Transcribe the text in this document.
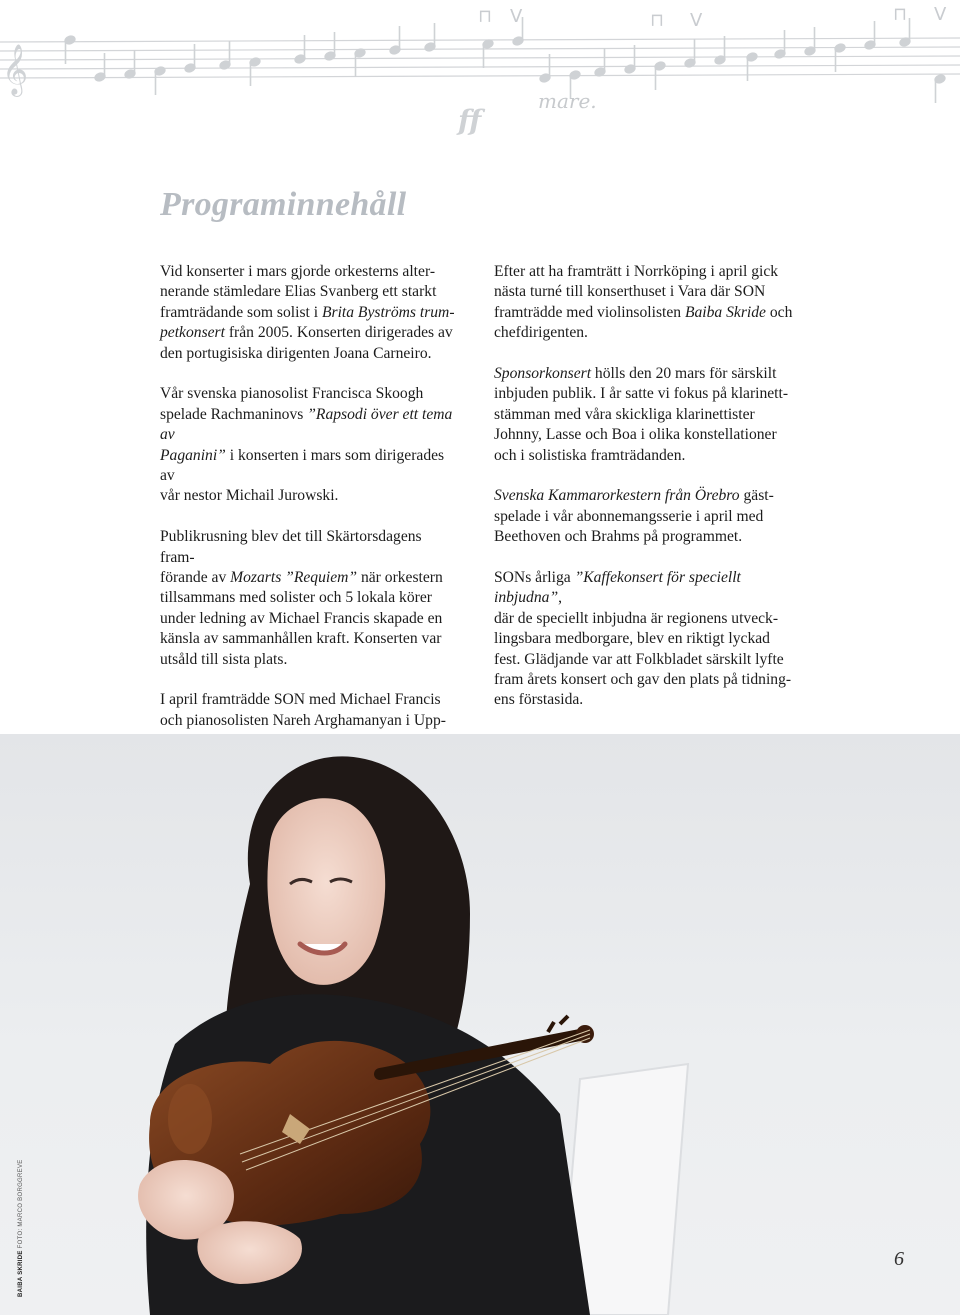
𝄞
⊓ V	⊓ V	⊓ V
ff
mare.
Programinnehåll

Vid konserter i mars gjorde orkesterns alter-
nerande stämledare Elias Svanberg ett starkt
framträdande som solist i Brita Byströms trum-
petkonsert från 2005. Konserten dirigerades av
den portugisiska dirigenten Joana Carneiro.

Vår svenska pianosolist Francisca Skoogh
spelade Rachmaninovs ”Rapsodi över ett tema av
Paganini” i konserten i mars som dirigerades av
vår nestor Michail Jurowski.

Publikrusning blev det till Skärtorsdagens fram-
förande av Mozarts ”Requiem” när orkestern
tillsammans med solister och 5 lokala körer
under ledning av Michael Francis skapade en
känsla av sammanhållen kraft. Konserten var
utsåld till sista plats.

I april framträdde SON med Michael Francis
och pianosolisten Nareh Arghamanyan i Upp-

Efter att ha framträtt i Norrköping i april gick
nästa turné till konserthuset i Vara där SON
framträdde med violinsolisten Baiba Skride och
chefdirigenten.

Sponsorkonsert hölls den 20 mars för särskilt
inbjuden publik. I år satte vi fokus på klarinett-
stämman med våra skickliga klarinettister
Johnny, Lasse och Boa i olika konstellationer
och i solistiska framträdanden.

Svenska Kammarorkestern från Örebro gäst-
spelade i vår abonnemangsserie i april med
Beethoven och Brahms på programmet.

SONs årliga ”Kaffekonsert för speciellt inbjudna”,
där de speciellt inbjudna är regionens utveck-
lingsbara medborgare, blev en riktigt lyckad
fest. Glädjande var att Folkbladet särskilt lyfte
fram årets konsert och gav den plats på tidning-
ens förstasida.

BAIBA SKRIDE FOTO: MARCO BORGGREVE
6
